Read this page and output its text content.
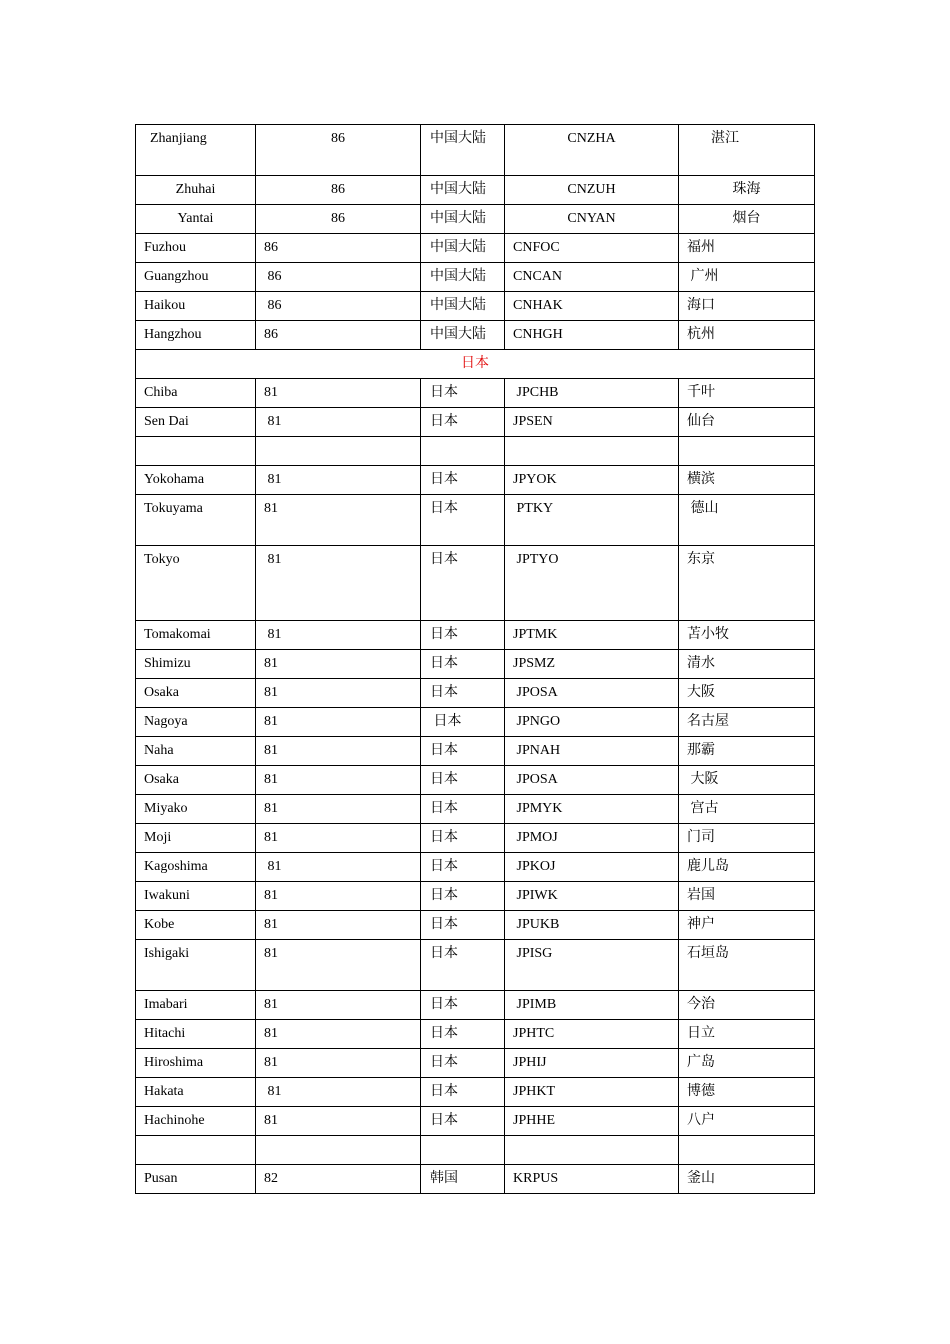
Zhanjiang	86	中国大陆	CNZHA	湛江

Zhuhai	86	中国大陆	CNZUH	珠海

Yantai	86	中国大陆	CNYAN	烟台

Fuzhou	86	中国大陆	CNFOC	福州

Guangzhou	86	中国大陆	CNCAN	广州

Haikou	86	中国大陆	CNHAK	海口

Hangzhou	86	中国大陆	CNHGH	杭州

日本				

Chiba	81	日本	JPCHB	千叶

Sen Dai	81	日本	JPSEN	仙台

Yokohama	81	日本	JPYOK	横滨

Tokuyama	81	日本	PTKY	德山

Tokyo	81	日本	JPTYO	东京

Tomakomai	81	日本	JPTMK	苫小牧

Shimizu	81	日本	JPSMZ	清水

Osaka	81	日本	JPOSA	大阪

Nagoya	81	日本	JPNGO	名古屋

Naha	81	日本	JPNAH	那霸

Osaka	81	日本	JPOSA	大阪

Miyako	81	日本	JPMYK	宫古

Moji	81	日本	JPMOJ	门司

Kagoshima	81	日本	JPKOJ	鹿儿岛

Iwakuni	81	日本	JPIWK	岩国

Kobe	81	日本	JPUKB	神户

Ishigaki	81	日本	JPISG	石垣岛

Imabari	81	日本	JPIMB	今治

Hitachi	81	日本	JPHTC	日立

Hiroshima	81	日本	JPHIJ	广岛

Hakata	81	日本	JPHKT	博德

Hachinohe	81	日本	JPHHE	八户

Pusan	82	韩国	KRPUS	釜山
